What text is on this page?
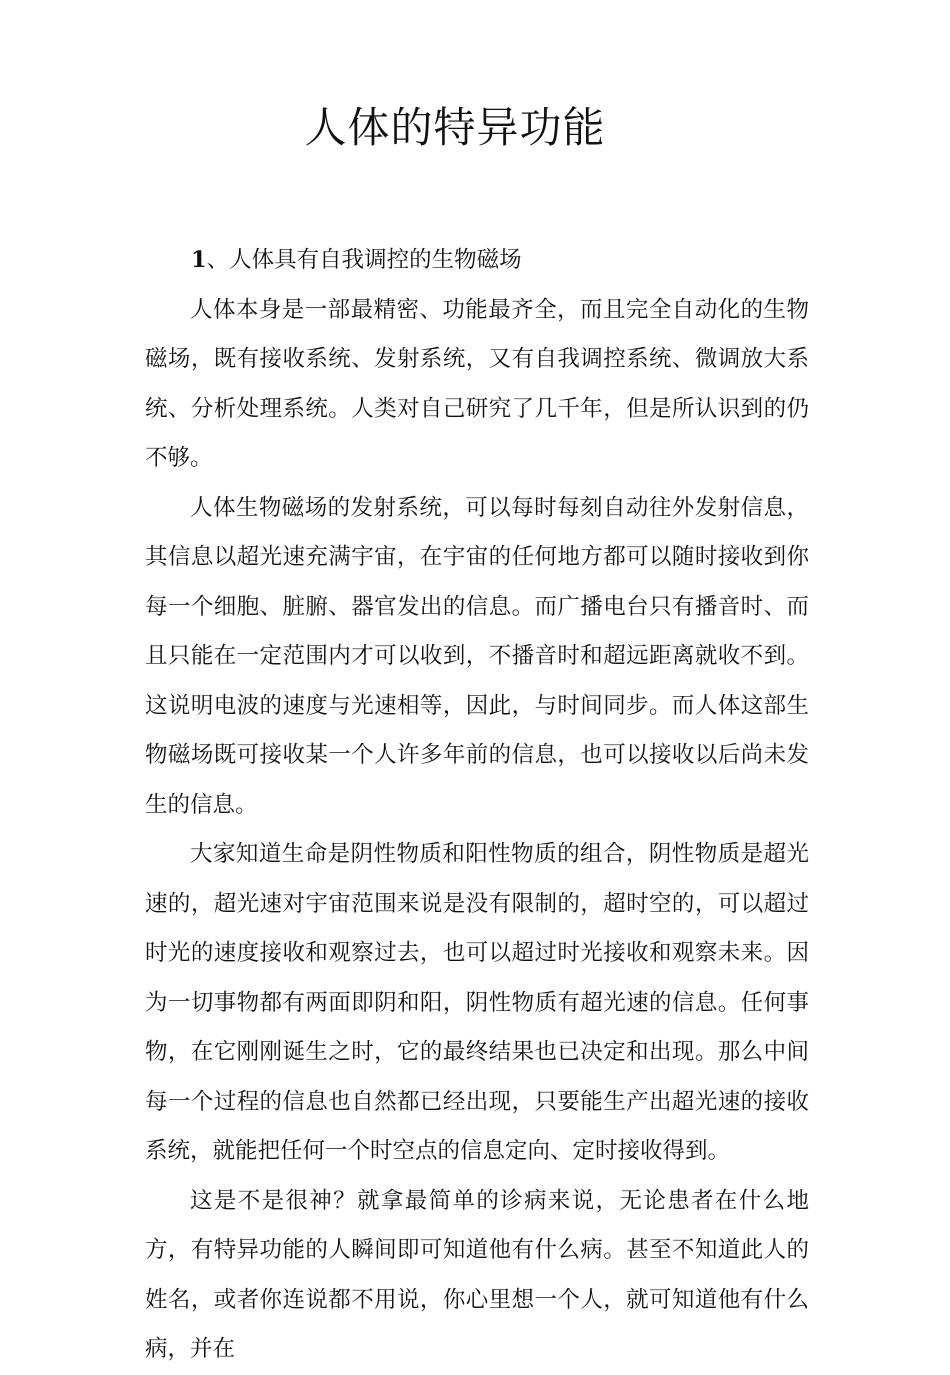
人体的特异功能

1、人体具有自我调控的生物磁场

人体本身是一部最精密、功能最齐全，而且完全自动化的生物磁场，既有接收系统、发射系统，又有自我调控系统、微调放大系统、分析处理系统。人类对自己研究了几千年，但是所认识到的仍不够。

人体生物磁场的发射系统，可以每时每刻自动往外发射信息，其信息以超光速充满宇宙，在宇宙的任何地方都可以随时接收到你每一个细胞、脏腑、器官发出的信息。而广播电台只有播音时、而且只能在一定范围内才可以收到，不播音时和超远距离就收不到。这说明电波的速度与光速相等，因此，与时间同步。而人体这部生物磁场既可接收某一个人许多年前的信息，也可以接收以后尚未发生的信息。

大家知道生命是阴性物质和阳性物质的组合，阴性物质是超光速的，超光速对宇宙范围来说是没有限制的，超时空的，可以超过时光的速度接收和观察过去，也可以超过时光接收和观察未来。因为一切事物都有两面即阴和阳，阴性物质有超光速的信息。任何事物，在它刚刚诞生之时，它的最终结果也已决定和出现。那么中间每一个过程的信息也自然都已经出现，只要能生产出超光速的接收系统，就能把任何一个时空点的信息定向、定时接收得到。

这是不是很神？就拿最简单的诊病来说，无论患者在什么地方，有特异功能的人瞬间即可知道他有什么病。甚至不知道此人的姓名，或者你连说都不用说，你心里想一个人，就可知道他有什么病，并在
